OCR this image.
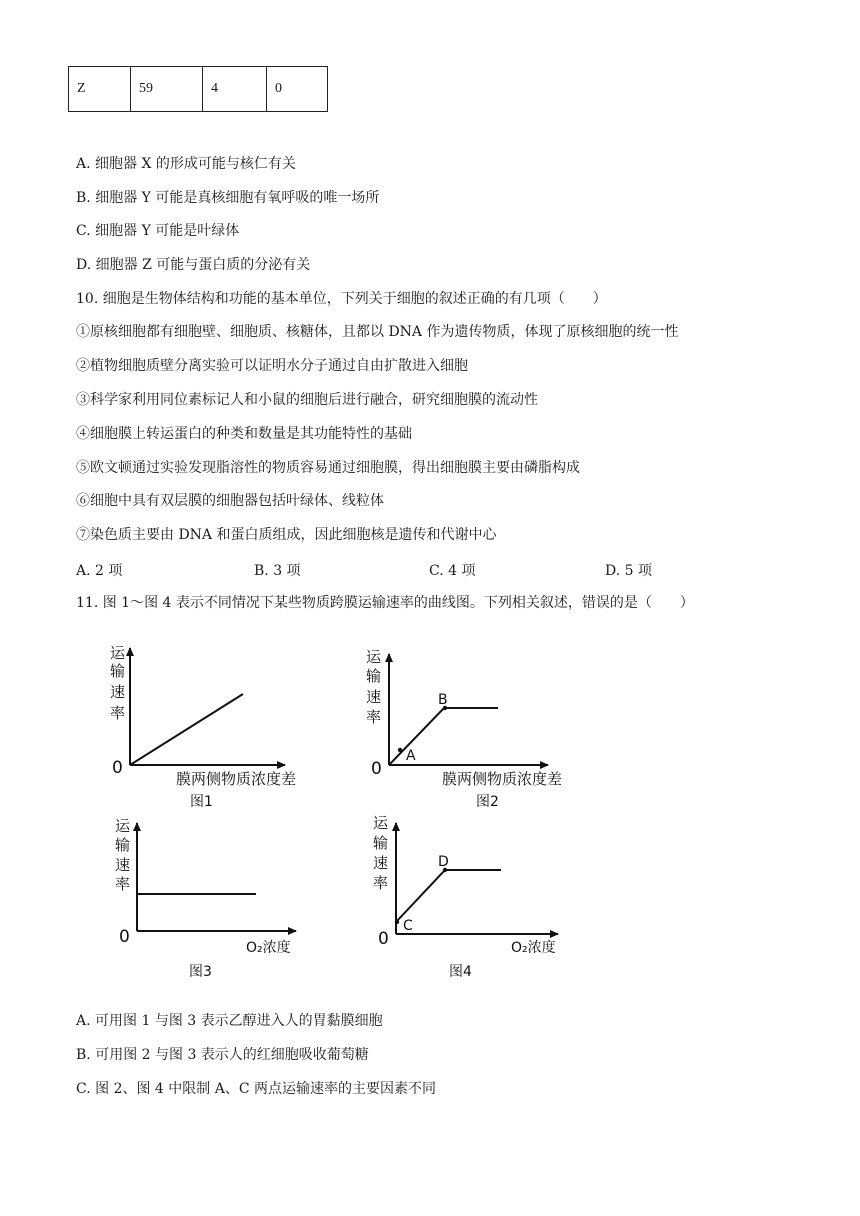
Z	59	4	0
A. 细胞器 X 的形成可能与核仁有关
B. 细胞器 Y 可能是真核细胞有氧呼吸的唯一场所
C. 细胞器 Y 可能是叶绿体
D. 细胞器 Z 可能与蛋白质的分泌有关
10. 细胞是生物体结构和功能的基本单位，下列关于细胞的叙述正确的有几项（　　）
①原核细胞都有细胞壁、细胞质、核糖体，且都以 DNA 作为遗传物质，体现了原核细胞的统一性
②植物细胞质壁分离实验可以证明水分子通过自由扩散进入细胞
③科学家利用同位素标记人和小鼠的细胞后进行融合，研究细胞膜的流动性
④细胞膜上转运蛋白的种类和数量是其功能特性的基础
⑤欧文顿通过实验发现脂溶性的物质容易通过细胞膜，得出细胞膜主要由磷脂构成
⑥细胞中具有双层膜的细胞器包括叶绿体、线粒体
⑦染色质主要由 DNA 和蛋白质组成，因此细胞核是遗传和代谢中心
A. 2 项	B. 3 项	C. 4 项	D. 5 项
11. 图 1～图 4 表示不同情况下某些物质跨膜运输速率的曲线图。下列相关叙述，错误的是（　　）
运
输
速
率
0
膜两侧物质浓度差
图1
运
输
速
率
0
A
B
膜两侧物质浓度差
图2
运
输
速
率
0
O₂浓度
图3
运
输
速
率
0
C
D
O₂浓度
图4
A. 可用图 1 与图 3 表示乙醇进入人的胃黏膜细胞
B. 可用图 2 与图 3 表示人的红细胞吸收葡萄糖
C. 图 2、图 4 中限制 A、C 两点运输速率的主要因素不同
